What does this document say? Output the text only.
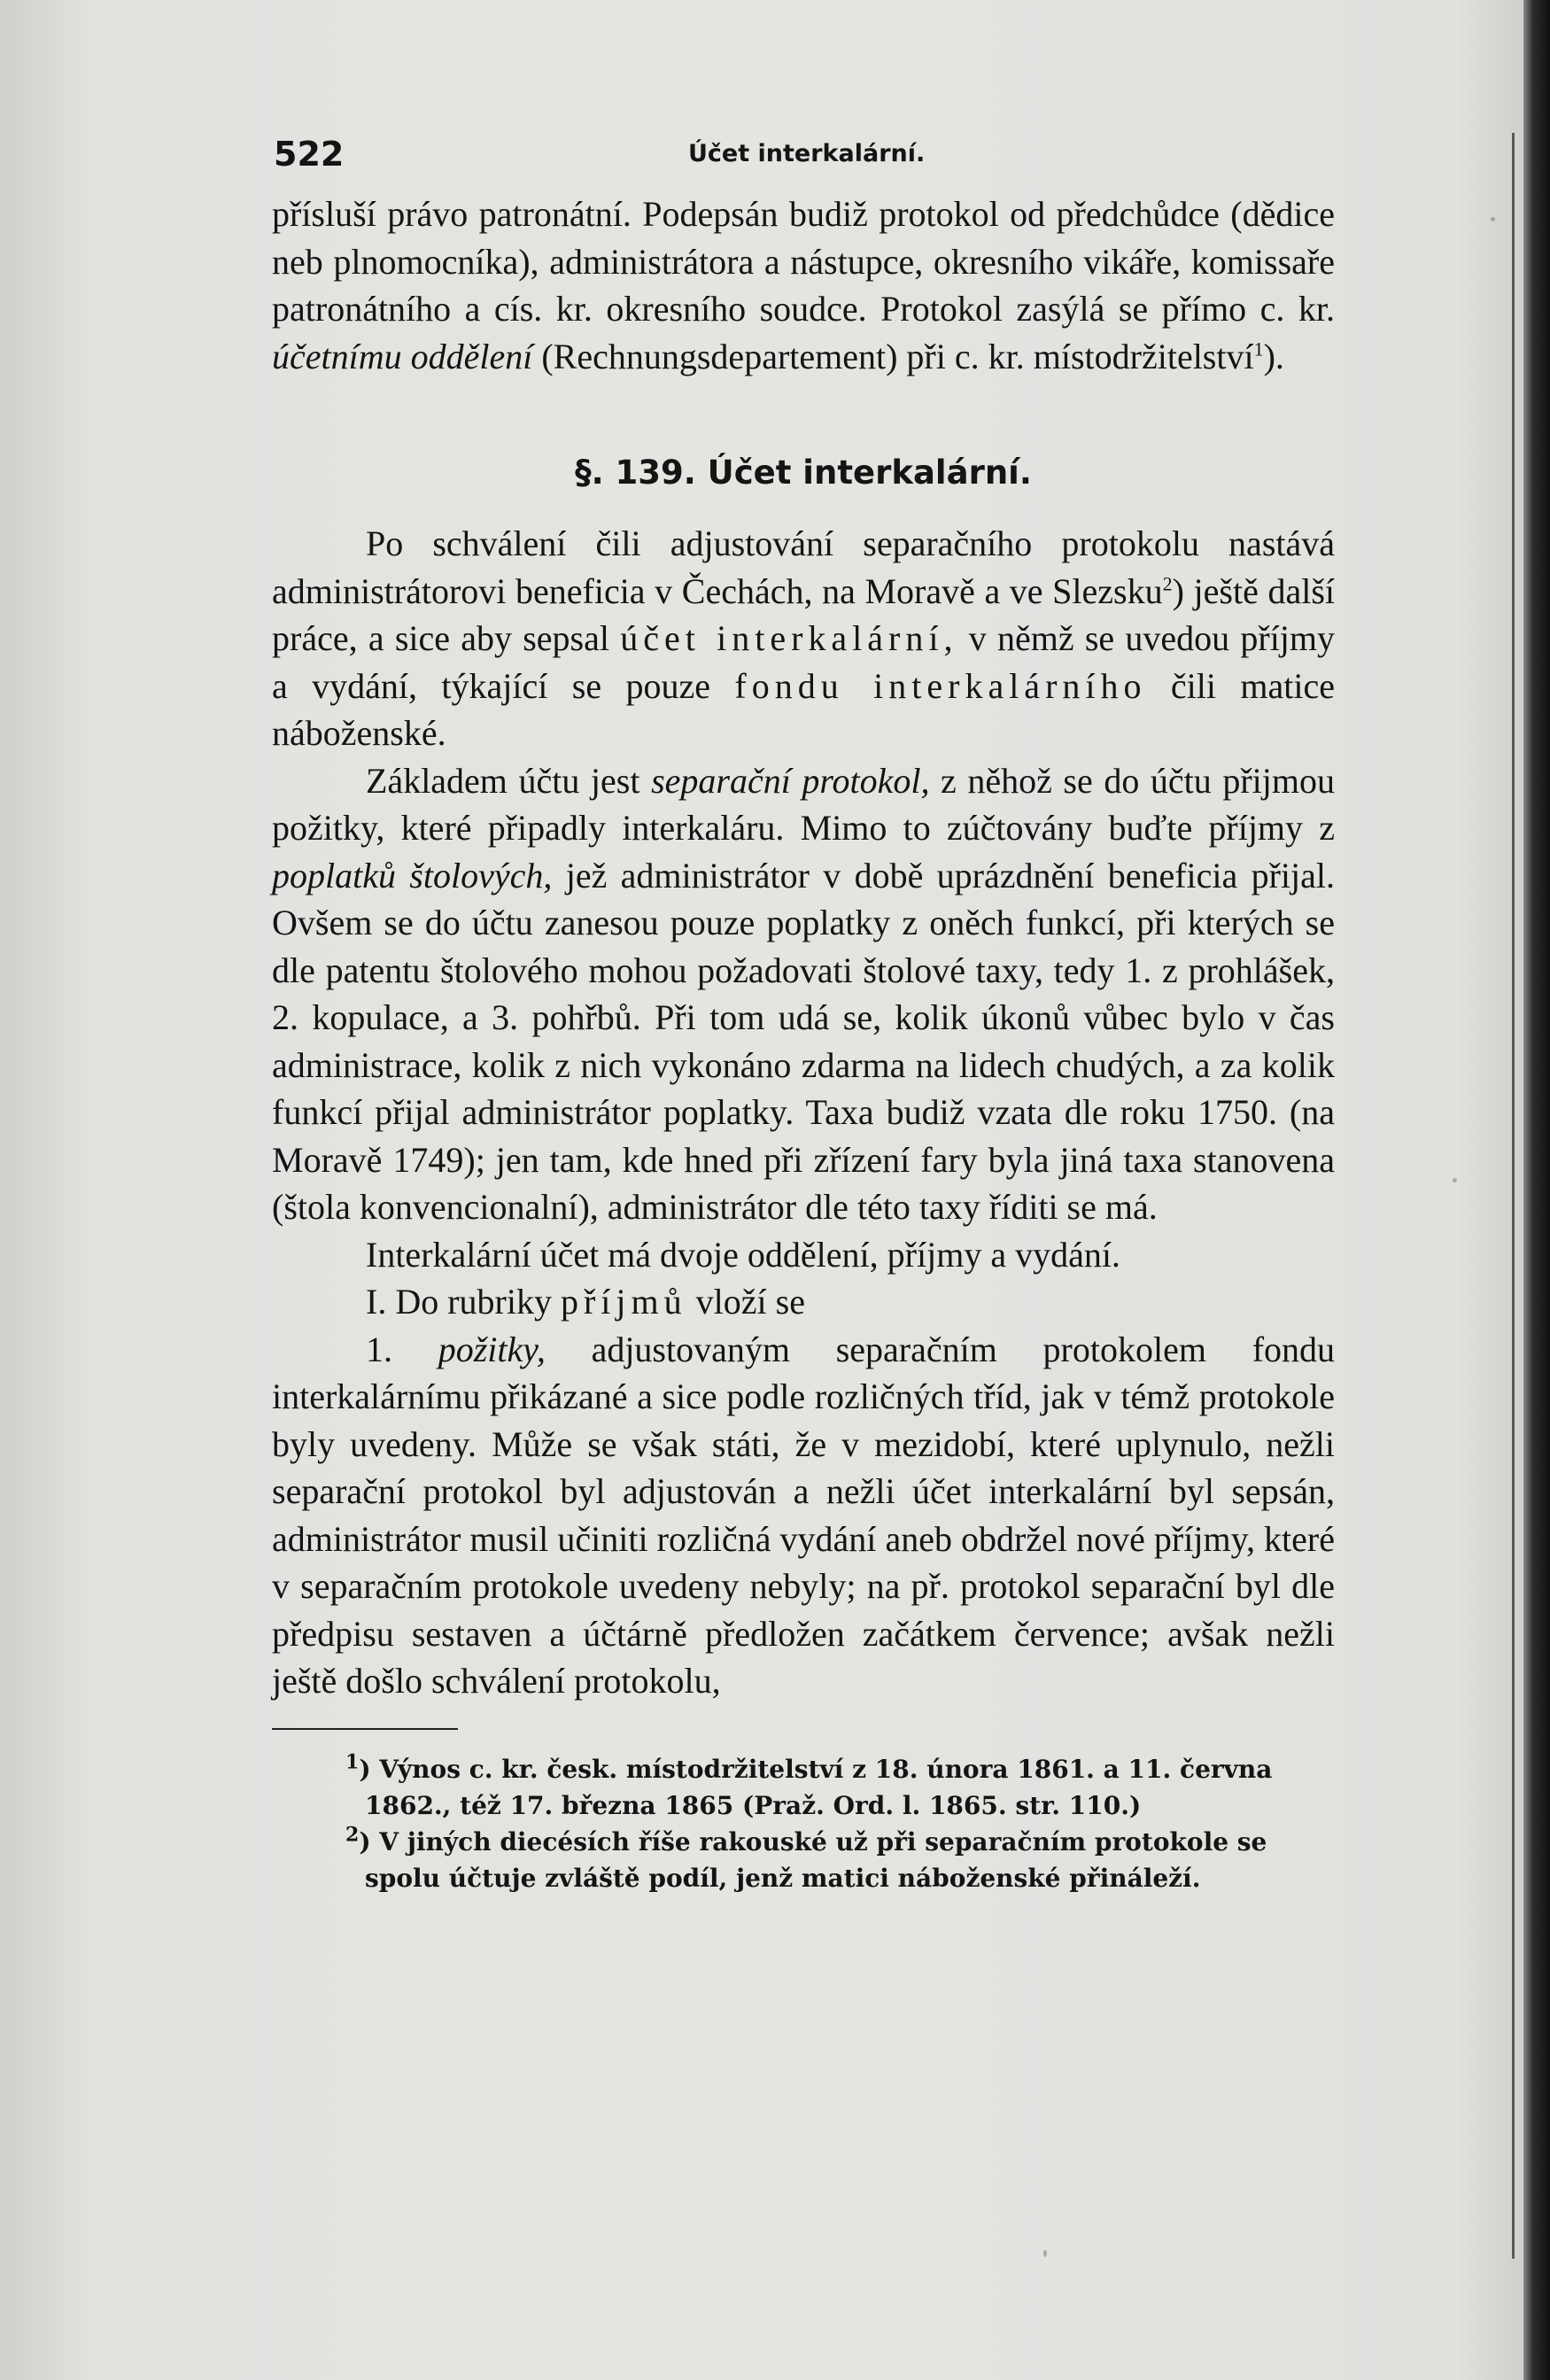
522	Účet interkalární.

přísluší právo patronátní. Podepsán budiž protokol od předchůdce (dědice neb plnomocníka), administrátora a nástupce, okresního vikáře, komissaře patronátního a cís. kr. okresního soudce. Protokol zasýlá se přímo c. kr. účetnímu oddělení (Rechnungsdepartement) při c. kr. místodržitelství$^1$).

§. 139. Účet interkalární.

Po schválení čili adjustování separačního protokolu nastává administrátorovi beneficia v Čechách, na Moravě a ve Slezsku$^2$) ještě další práce, a sice aby sepsal účet interkalární, v němž se uvedou příjmy a vydání, týkající se pouze fondu interkalárního čili matice náboženské.

Základem účtu jest separační protokol, z něhož se do účtu přijmou požitky, které připadly interkaláru. Mimo to zúčtovány buďte příjmy z poplatků štolových, jež administrátor v době uprázdnění beneficia přijal. Ovšem se do účtu zanesou pouze poplatky z oněch funkcí, při kterých se dle patentu štolového mohou požadovati štolové taxy, tedy 1. z prohlášek, 2. kopulace, a 3. pohřbů. Při tom udá se, kolik úkonů vůbec bylo v čas administrace, kolik z nich vykonáno zdarma na lidech chudých, a za kolik funkcí přijal administrátor poplatky. Taxa budiž vzata dle roku 1750. (na Moravě 1749); jen tam, kde hned při zřízení fary byla jiná taxa stanovena (štola konvencionalní), administrátor dle této taxy říditi se má.

Interkalární účet má dvoje oddělení, příjmy a vydání.

I. Do rubriky příjmů vloží se

1. požitky, adjustovaným separačním protokolem fondu interkalárnímu přikázané a sice podle rozličných tříd, jak v témž protokole byly uvedeny. Může se však státi, že v mezidobí, které uplynulo, nežli separační protokol byl adjustován a nežli účet interkalární byl sepsán, administrátor musil učiniti rozličná vydání aneb obdržel nové příjmy, které v separačním protokole uvedeny nebyly; na př. protokol separační byl dle předpisu sestaven a účtárně předložen začátkem července; avšak nežli ještě došlo schválení protokolu,

$^1$) Výnos c. kr. česk. místodržitelství z 18. února 1861. a 11. června 1862., též 17. března 1865 (Praž. Ord. l. 1865. str. 110.)
$^2$) V jiných diecésích říše rakouské už při separačním protokole se spolu účtuje zvláště podíl, jenž matici náboženské přináleží.
